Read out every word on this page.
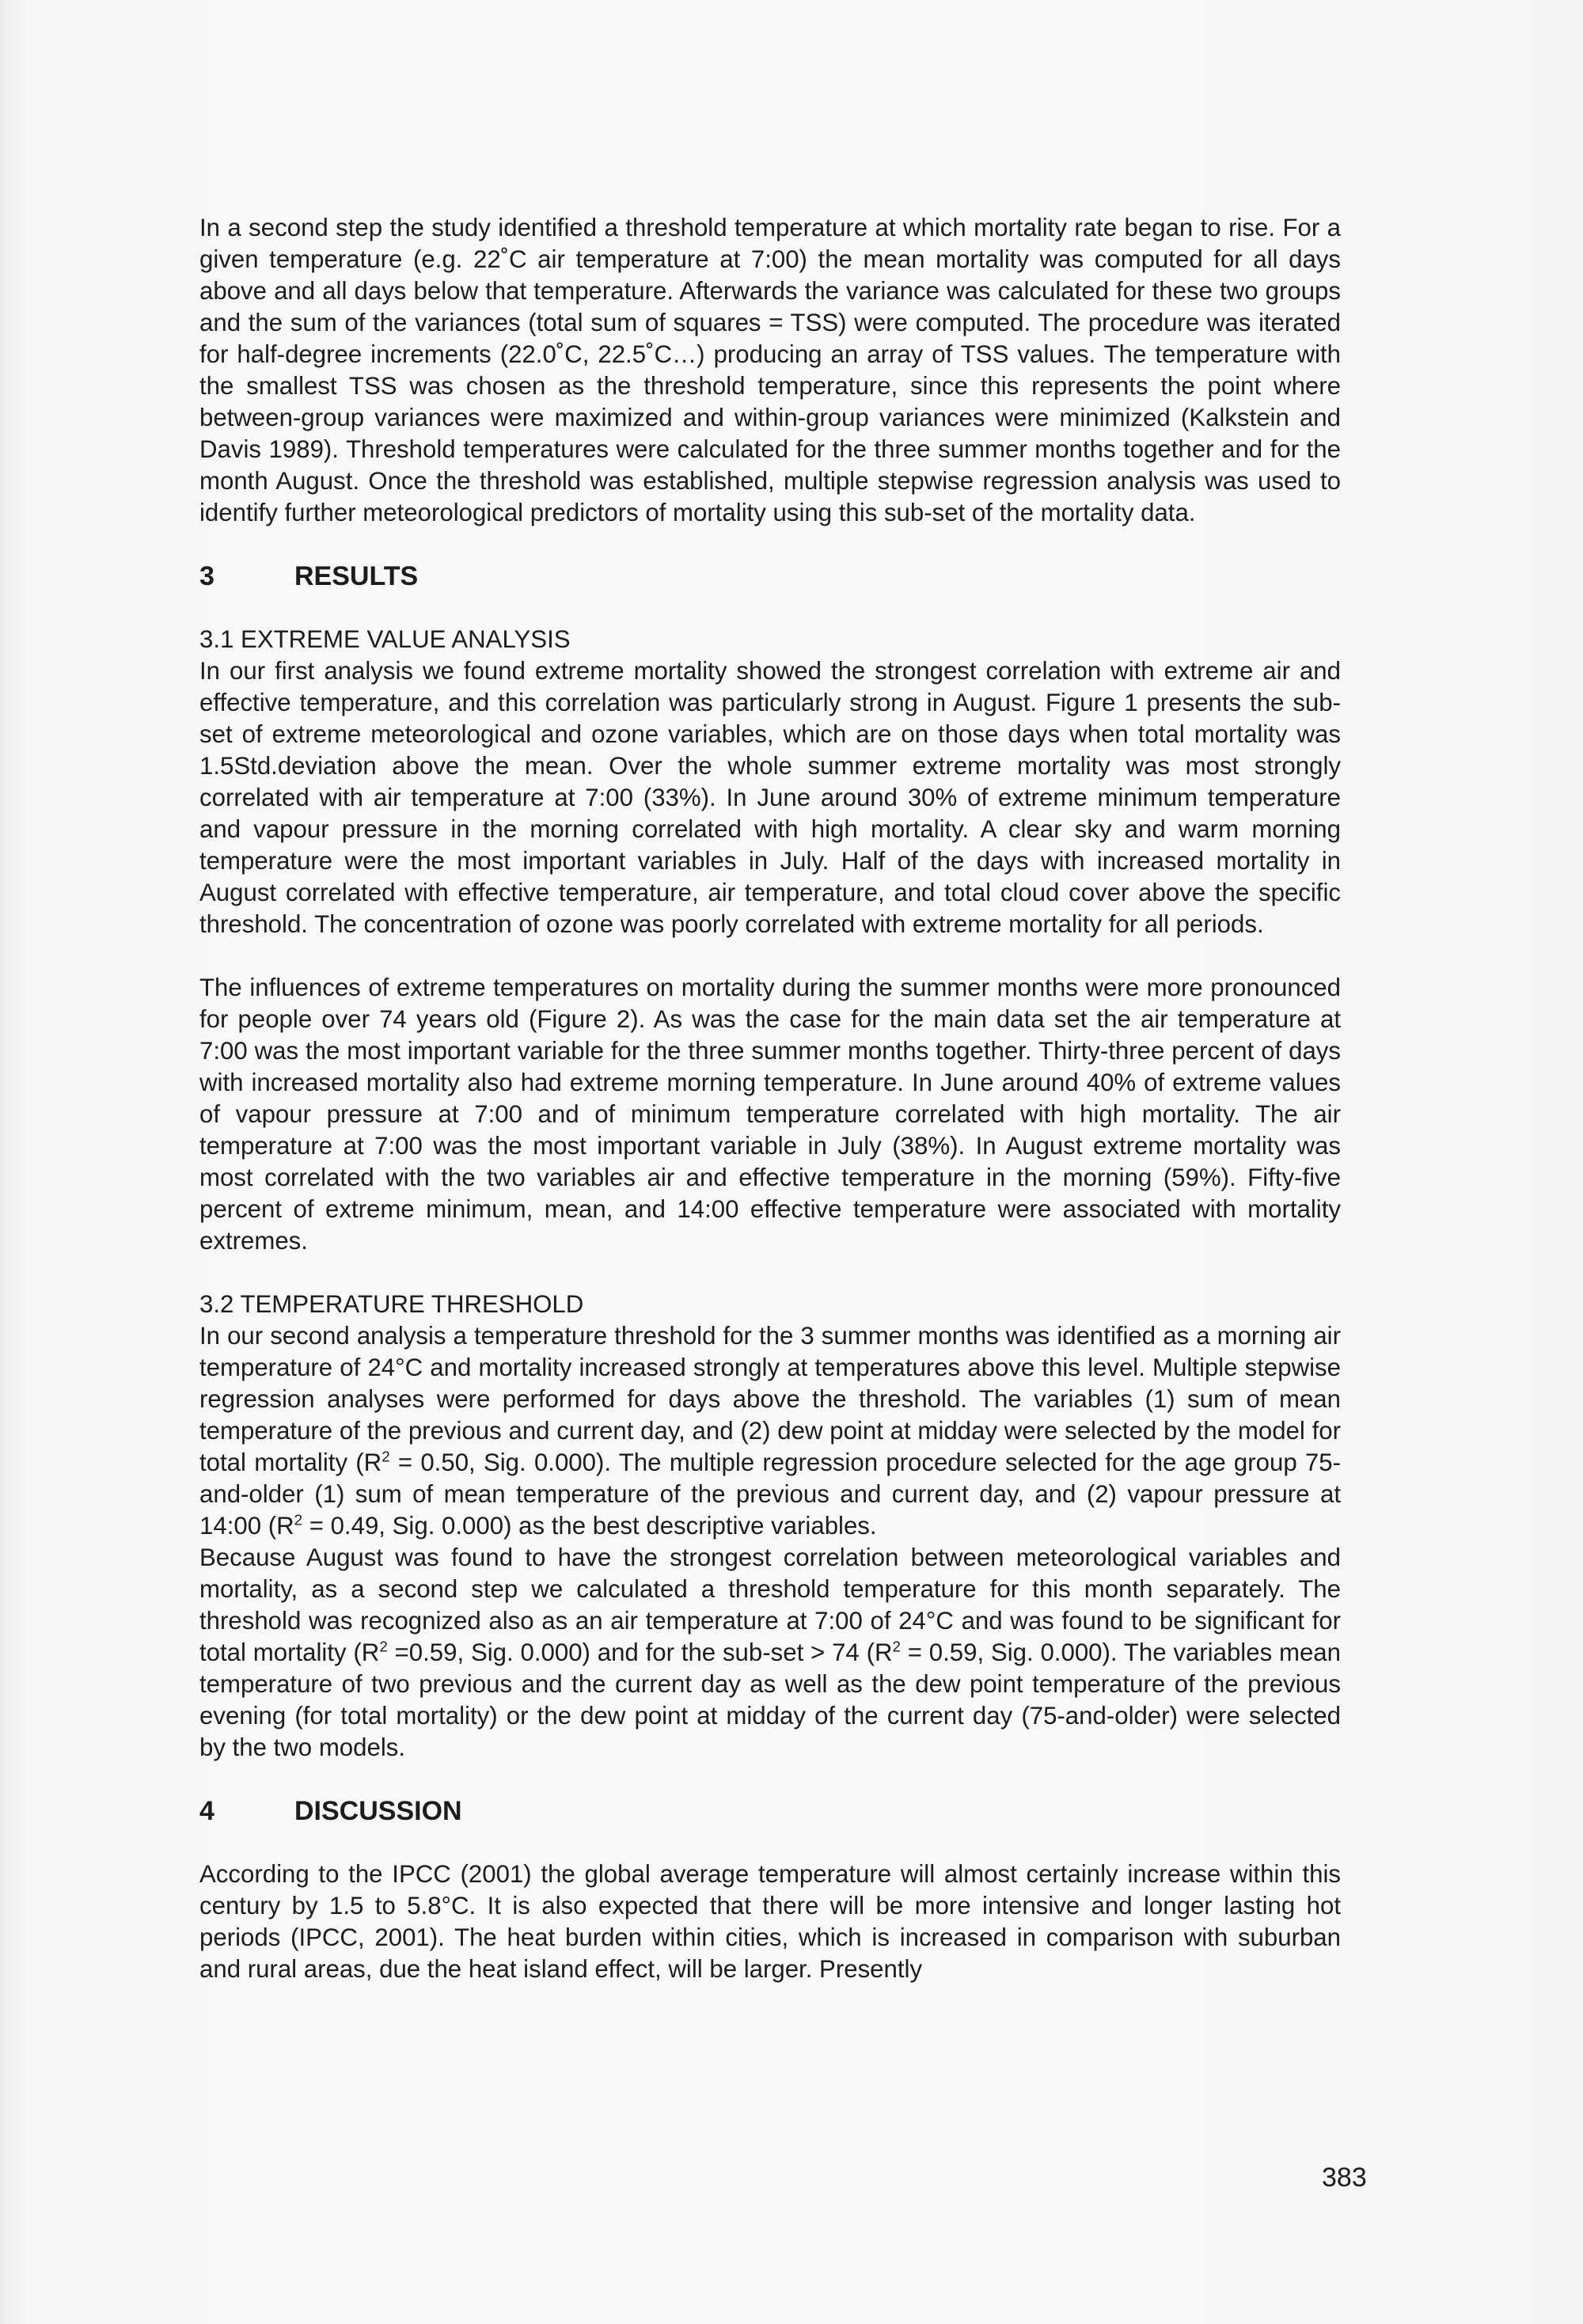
In a second step the study identified a threshold temperature at which mortality rate began to rise. For a given temperature (e.g. 22˚C air temperature at 7:00) the mean mortality was computed for all days above and all days below that temperature. Afterwards the variance was calculated for these two groups and the sum of the variances (total sum of squares = TSS) were computed. The procedure was iterated for half-degree increments (22.0˚C, 22.5˚C…) producing an array of TSS values. The temperature with the smallest TSS was chosen as the threshold temperature, since this represents the point where between-group variances were maximized and within-group variances were minimized (Kalkstein and Davis 1989). Threshold temperatures were calculated for the three summer months together and for the month August. Once the threshold was established, multiple stepwise regression analysis was used to identify further meteorological predictors of mortality using this sub-set of the mortality data.

3	RESULTS

3.1 EXTREME VALUE ANALYSIS

In our first analysis we found extreme mortality showed the strongest correlation with extreme air and effective temperature, and this correlation was particularly strong in August. Figure 1 presents the sub-set of extreme meteorological and ozone variables, which are on those days when total mortality was 1.5Std.deviation above the mean. Over the whole summer extreme mortality was most strongly correlated with air temperature at 7:00 (33%). In June around 30% of extreme minimum temperature and vapour pressure in the morning correlated with high mortality. A clear sky and warm morning temperature were the most important variables in July. Half of the days with increased mortality in August correlated with effective temperature, air temperature, and total cloud cover above the specific threshold. The concentration of ozone was poorly correlated with extreme mortality for all periods.

The influences of extreme temperatures on mortality during the summer months were more pronounced for people over 74 years old (Figure 2). As was the case for the main data set the air temperature at 7:00 was the most important variable for the three summer months together. Thirty-three percent of days with increased mortality also had extreme morning temperature. In June around 40% of extreme values of vapour pressure at 7:00 and of minimum temperature correlated with high mortality. The air temperature at 7:00 was the most important variable in July (38%). In August extreme mortality was most correlated with the two variables air and effective temperature in the morning (59%). Fifty-five percent of extreme minimum, mean, and 14:00 effective temperature were associated with mortality extremes.

3.2 TEMPERATURE THRESHOLD

In our second analysis a temperature threshold for the 3 summer months was identified as a morning air temperature of 24°C and mortality increased strongly at temperatures above this level. Multiple stepwise regression analyses were performed for days above the threshold. The variables (1) sum of mean temperature of the previous and current day, and (2) dew point at midday were selected by the model for total mortality ($R^2 = 0.50$, Sig. 0.000). The multiple regression procedure selected for the age group 75-and-older (1) sum of mean temperature of the previous and current day, and (2) vapour pressure at 14:00 ($R^2 = 0.49$, Sig. 0.000) as the best descriptive variables.

Because August was found to have the strongest correlation between meteorological variables and mortality, as a second step we calculated a threshold temperature for this month separately. The threshold was recognized also as an air temperature at 7:00 of 24°C and was found to be significant for total mortality ($R^2 =0.59$, Sig. 0.000) and for the sub-set > 74 ($R^2 = 0.59$, Sig. 0.000). The variables mean temperature of two previous and the current day as well as the dew point temperature of the previous evening (for total mortality) or the dew point at midday of the current day (75-and-older) were selected by the two models.

4	DISCUSSION

According to the IPCC (2001) the global average temperature will almost certainly increase within this century by 1.5 to 5.8°C. It is also expected that there will be more intensive and longer lasting hot periods (IPCC, 2001). The heat burden within cities, which is increased in comparison with suburban and rural areas, due the heat island effect, will be larger. Presently

383
